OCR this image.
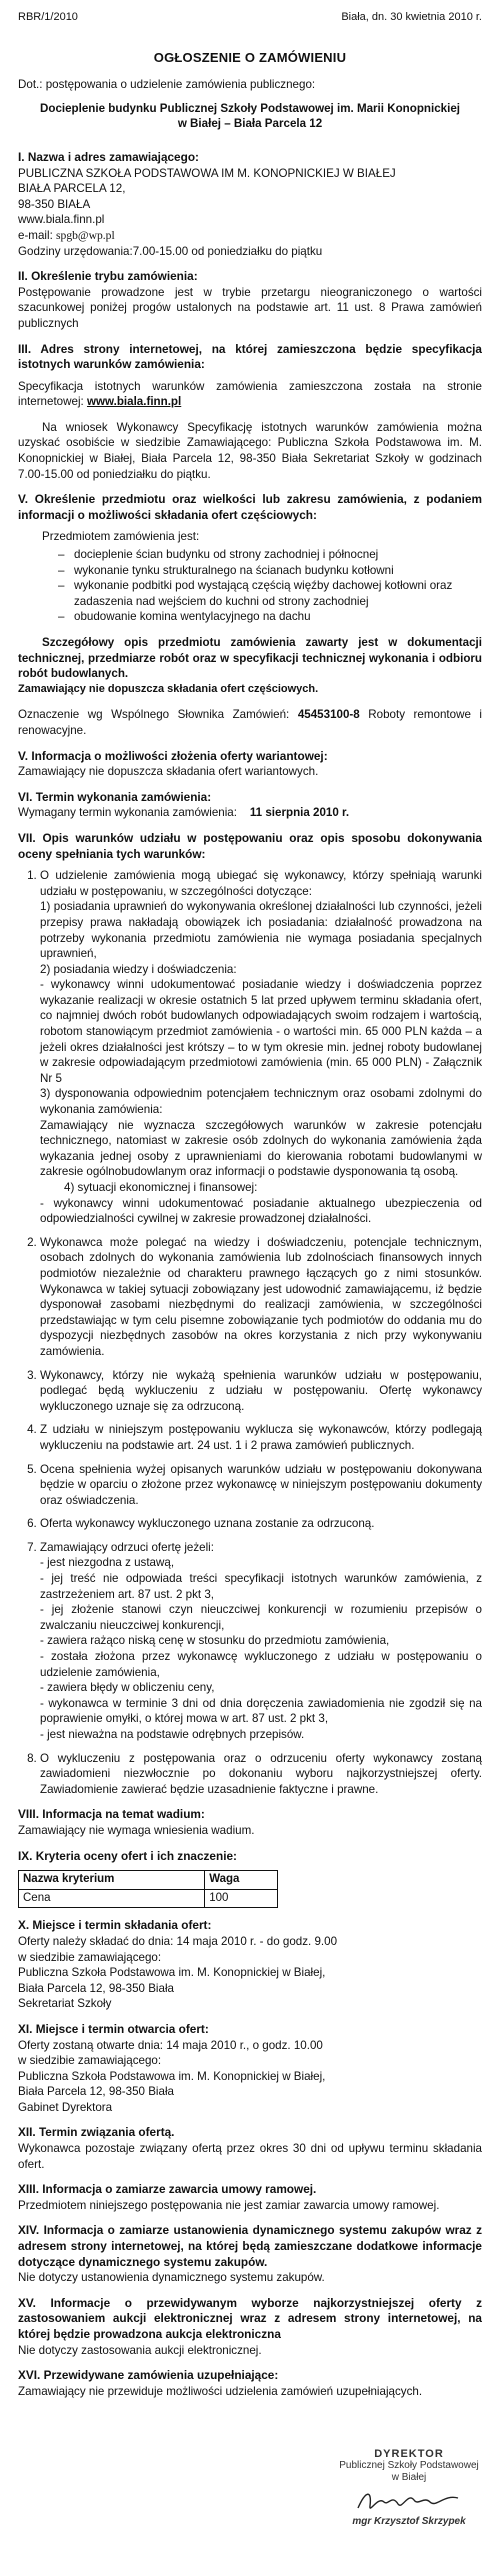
RBR/1/2010	Biała, dn. 30 kwietnia 2010 r.
OGŁOSZENIE O ZAMÓWIENIU

Dot.: postępowania o udzielenie zamówienia publicznego:

Docieplenie budynku Publicznej Szkoły Podstawowej im. Marii Konopnickiej

w Białej – Biała Parcela 12

I. Nazwa i adres zamawiającego:

PUBLICZNA SZKOŁA PODSTAWOWA IM M. KONOPNICKIEJ W BIAŁEJ

BIAŁA PARCELA 12,

98-350 BIAŁA

www.biala.finn.pl

e-mail: spgb@wp.pl

Godziny urzędowania:7.00-15.00 od poniedziałku do piątku

II. Określenie trybu zamówienia:

Postępowanie prowadzone jest w trybie przetargu nieograniczonego o wartości szacunkowej poniżej progów ustalonych na podstawie art. 11 ust. 8 Prawa zamówień publicznych

III. Adres strony internetowej, na której zamieszczona będzie specyfikacja istotnych warunków zamówienia:

Specyfikacja istotnych warunków zamówienia zamieszczona została na stronie internetowej: www.biala.finn.pl

Na wniosek Wykonawcy Specyfikację istotnych warunków zamówienia można uzyskać osobiście w siedzibie Zamawiającego: Publiczna Szkoła Podstawowa im. M. Konopnickiej w Białej, Biała Parcela 12, 98-350 Biała Sekretariat Szkoły w godzinach 7.00-15.00 od poniedziałku do piątku.

V. Określenie przedmiotu oraz wielkości lub zakresu zamówienia, z podaniem informacji o możliwości składania ofert częściowych:

Przedmiotem zamówienia jest:

– docieplenie ścian budynku od strony zachodniej i północnej
– wykonanie tynku strukturalnego na ścianach budynku kotłowni
– wykonanie podbitki pod wystającą częścią więźby dachowej kotłowni oraz zadaszenia nad wejściem do kuchni od strony zachodniej
– obudowanie komina wentylacyjnego na dachu

Szczegółowy opis przedmiotu zamówienia zawarty jest w dokumentacji technicznej, przedmiarze robót oraz w specyfikacji technicznej wykonania i odbioru robót budowlanych.

Zamawiający nie dopuszcza składania ofert częściowych.

Oznaczenie wg Wspólnego Słownika Zamówień: 45453100-8 Roboty remontowe i renowacyjne.

V. Informacja o możliwości złożenia oferty wariantowej:

Zamawiający nie dopuszcza składania ofert wariantowych.

VI. Termin wykonania zamówienia:

Wymagany termin wykonania zamówienia: 11 sierpnia 2010 r.

VII. Opis warunków udziału w postępowaniu oraz opis sposobu dokonywania oceny spełniania tych warunków:

1. O udzielenie zamówienia mogą ubiegać się wykonawcy, którzy spełniają warunki udziału w postępowaniu, w szczególności dotyczące:

1) posiadania uprawnień do wykonywania określonej działalności lub czynności, jeżeli przepisy prawa nakładają obowiązek ich posiadania: działalność prowadzona na potrzeby wykonania przedmiotu zamówienia nie wymaga posiadania specjalnych uprawnień,

2) posiadania wiedzy i doświadczenia:

- wykonawcy winni udokumentować posiadanie wiedzy i doświadczenia poprzez wykazanie realizacji w okresie ostatnich 5 lat przed upływem terminu składania ofert, co najmniej dwóch robót budowlanych odpowiadających swoim rodzajem i wartością, robotom stanowiącym przedmiot zamówienia - o wartości min. 65 000 PLN każda – a jeżeli okres działalności jest krótszy – to w tym okresie min. jednej roboty budowlanej w zakresie odpowiadającym przedmiotowi zamówienia (min. 65 000 PLN) - Załącznik Nr 5

3) dysponowania odpowiednim potencjałem technicznym oraz osobami zdolnymi do wykonania zamówienia:

Zamawiający nie wyznacza szczegółowych warunków w zakresie potencjału technicznego, natomiast w zakresie osób zdolnych do wykonania zamówienia żąda wykazania jednej osoby z uprawnieniami do kierowania robotami budowlanymi w zakresie ogólnobudowlanym oraz informacji o podstawie dysponowania tą osobą.

4) sytuacji ekonomicznej i finansowej:

- wykonawcy winni udokumentować posiadanie aktualnego ubezpieczenia od odpowiedzialności cywilnej w zakresie prowadzonej działalności.

2. Wykonawca może polegać na wiedzy i doświadczeniu, potencjale technicznym, osobach zdolnych do wykonania zamówienia lub zdolnościach finansowych innych podmiotów niezależnie od charakteru prawnego łączących go z nimi stosunków. Wykonawca w takiej sytuacji zobowiązany jest udowodnić zamawiającemu, iż będzie dysponował zasobami niezbędnymi do realizacji zamówienia, w szczególności przedstawiając w tym celu pisemne zobowiązanie tych podmiotów do oddania mu do dyspozycji niezbędnych zasobów na okres korzystania z nich przy wykonywaniu zamówienia.
3. Wykonawcy, którzy nie wykażą spełnienia warunków udziału w postępowaniu, podlegać będą wykluczeniu z udziału w postępowaniu. Ofertę wykonawcy wykluczonego uznaje się za odrzuconą.
4. Z udziału w niniejszym postępowaniu wyklucza się wykonawców, którzy podlegają wykluczeniu na podstawie art. 24 ust. 1 i 2 prawa zamówień publicznych.
5. Ocena spełnienia wyżej opisanych warunków udziału w postępowaniu dokonywana będzie w oparciu o złożone przez wykonawcę w niniejszym postępowaniu dokumenty oraz oświadczenia.
6. Oferta wykonawcy wykluczonego uznana zostanie za odrzuconą.

7. Zamawiający odrzuci ofertę jeżeli:

- jest niezgodna z ustawą,

- jej treść nie odpowiada treści specyfikacji istotnych warunków zamówienia, z zastrzeżeniem art. 87 ust. 2 pkt 3,

- jej złożenie stanowi czyn nieuczciwej konkurencji w rozumieniu przepisów o zwalczaniu nieuczciwej konkurencji,

- zawiera rażąco niską cenę w stosunku do przedmiotu zamówienia,

- została złożona przez wykonawcę wykluczonego z udziału w postępowaniu o udzielenie zamówienia,

- zawiera błędy w obliczeniu ceny,

- wykonawca w terminie 3 dni od dnia doręczenia zawiadomienia nie zgodził się na poprawienie omyłki, o której mowa w art. 87 ust. 2 pkt 3,

- jest nieważna na podstawie odrębnych przepisów.

8. O wykluczeniu z postępowania oraz o odrzuceniu oferty wykonawcy zostaną zawiadomieni niezwłocznie po dokonaniu wyboru najkorzystniejszej oferty. Zawiadomienie zawierać będzie uzasadnienie faktyczne i prawne.
VIII. Informacja na temat wadium:

Zamawiający nie wymaga wniesienia wadium.

IX. Kryteria oceny ofert i ich znaczenie:
Nazwa kryterium	Waga
Cena	100
X. Miejsce i termin składania ofert:

Oferty należy składać do dnia: 14 maja 2010 r. - do godz. 9.00

w siedzibie zamawiającego:

Publiczna Szkoła Podstawowa im. M. Konopnickiej w Białej,

Biała Parcela 12, 98-350 Biała

Sekretariat Szkoły

XI. Miejsce i termin otwarcia ofert:

Oferty zostaną otwarte dnia: 14 maja 2010 r., o godz. 10.00

w siedzibie zamawiającego:

Publiczna Szkoła Podstawowa im. M. Konopnickiej w Białej,

Biała Parcela 12, 98-350 Biała

Gabinet Dyrektora

XII. Termin związania ofertą.

Wykonawca pozostaje związany ofertą przez okres 30 dni od upływu terminu składania ofert.

XIII. Informacja o zamiarze zawarcia umowy ramowej.

Przedmiotem niniejszego postępowania nie jest zamiar zawarcia umowy ramowej.

XIV. Informacja o zamiarze ustanowienia dynamicznego systemu zakupów wraz z adresem strony internetowej, na której będą zamieszczane dodatkowe informacje dotyczące dynamicznego systemu zakupów.

Nie dotyczy ustanowienia dynamicznego systemu zakupów.

XV. Informacje o przewidywanym wyborze najkorzystniejszej oferty z zastosowaniem aukcji elektronicznej wraz z adresem strony internetowej, na której będzie prowadzona aukcja elektroniczna

Nie dotyczy zastosowania aukcji elektronicznej.

XVI. Przewidywane zamówienia uzupełniające:

Zamawiający nie przewiduje możliwości udzielenia zamówień uzupełniających.

DYREKTOR
Publicznej Szkoły Podstawowej
w Białej
mgr Krzysztof Skrzypek
